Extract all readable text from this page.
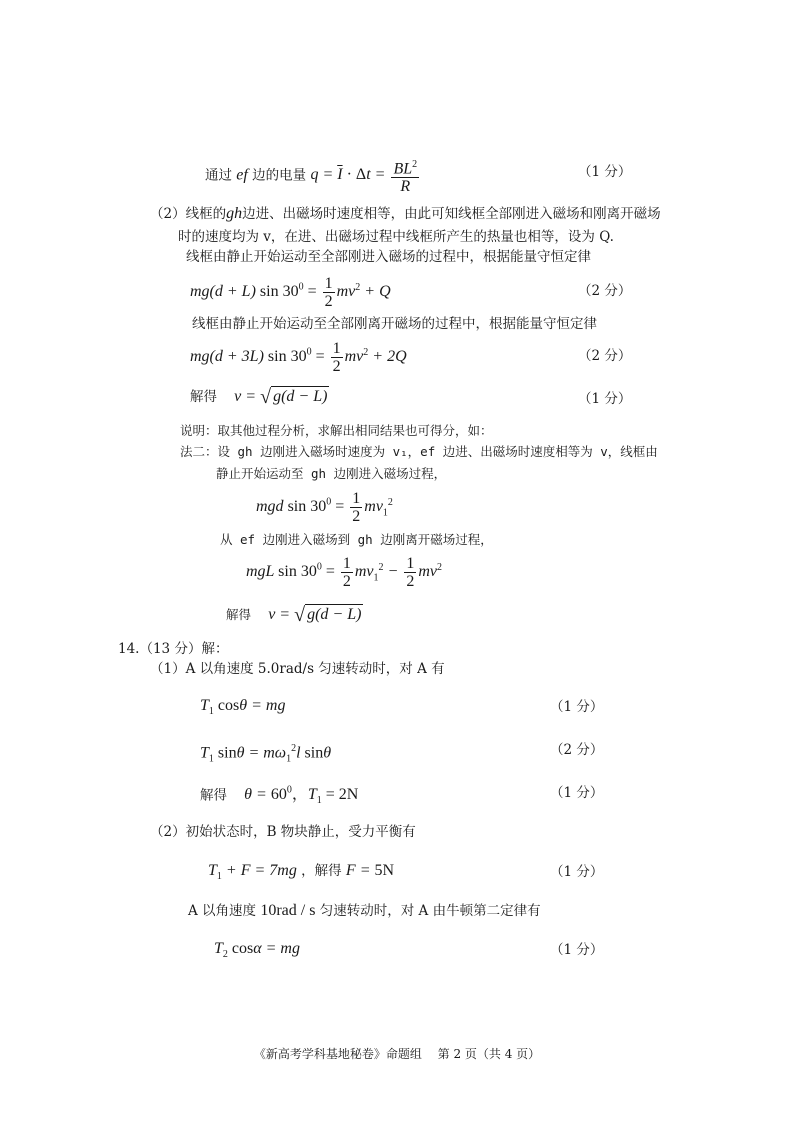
通过 ef 边的电量 $q = \overline{I} \cdot \Delta t = \frac{BL^2}{R}$	（1 分）
（2）线框的gh边进、出磁场时速度相等，由此可知线框全部刚进入磁场和刚离开磁场
时的速度均为 v，在进、出磁场过程中线框所产生的热量也相等，设为 Q.
线框由静止开始运动至全部刚进入磁场的过程中，根据能量守恒定律
mg(d + L) $\sin 30^0 = \frac{1}{2} mv^2 + Q$	（2 分）
线框由静止开始运动至全部刚离开磁场的过程中，根据能量守恒定律
mg(d + 3L) $\sin 30^0 = \frac{1}{2} mv^2 + 2Q$	（2 分）
解得 v = √ g(d − L)	（1 分）
说明：取其他过程分析，求解出相同结果也可得分，如：
法二：设 gh 边刚进入磁场时速度为 v₁，ef 边进、出磁场时速度相等为 v，线框由
静止开始运动至 gh 边刚进入磁场过程，
mgd $\sin 30^0 = \frac{1}{2} mv_1^2$
从 ef 边刚进入磁场到 gh 边刚离开磁场过程，
mgL $\sin 30^0 = \frac{1}{2} mv_1^2 - \frac{1}{2} mv^2$
解得 v = √ g(d − L)
14.（13 分）解：
（1）A 以角速度 5.0rad/s 匀速转动时，对 A 有
$T_1$ cosθ = mg	（1 分）
$T_1$ $\sin\theta = m\omega_1^2l$ sinθ	（2 分）
解得 $\theta = 60^0$，$T_1 = 2N$	（1 分）
（2）初始状态时，B 物块静止，受力平衡有
$T_1 + F = 7mg$ ，解得 F = 5N	（1 分）
A 以角速度 10rad / s 匀速转动时，对 A 由牛顿第二定律有
$T_2$ cosα = mg	（1 分）
《新高考学科基地秘卷》命题组　 第 2 页（共 4 页）
